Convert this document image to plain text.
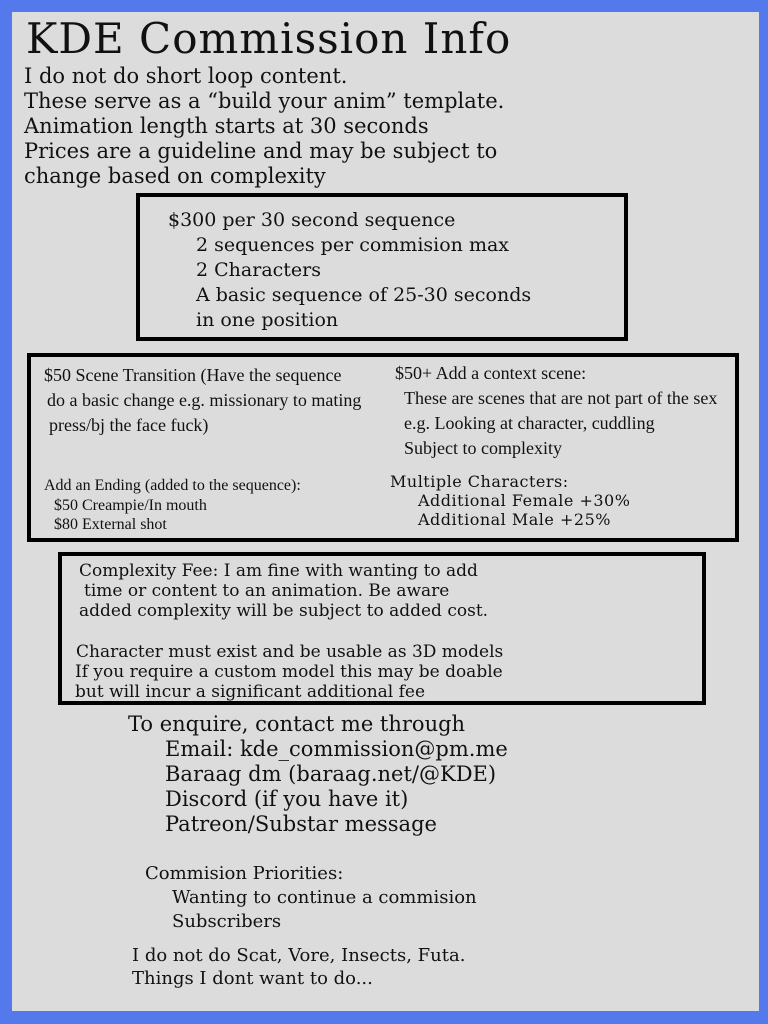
KDE Commission Info
I do not do short loop content.
These serve as a “build your anim” template.
Animation length starts at 30 seconds
Prices are a guideline and may be subject to
change based on complexity
$300 per 30 second sequence
2 sequences per commision max
2 Characters
A basic sequence of 25-30 seconds
in one position
$50 Scene Transition (Have the sequence
do a basic change e.g. missionary to mating
press/bj the face fuck)
$50+ Add a context scene:
These are scenes that are not part of the sex
e.g. Looking at character, cuddling
Subject to complexity
Add an Ending (added to the sequence):
$50 Creampie/In mouth
$80 External shot
Multiple Characters:
Additional Female +30%
Additional Male +25%
Complexity Fee: I am fine with wanting to add
time or content to an animation. Be aware
added complexity will be subject to added cost.
Character must exist and be usable as 3D models
If you require a custom model this may be doable
but will incur a significant additional fee
To enquire, contact me through
Email: kde_commission@pm.me
Baraag dm (baraag.net/@KDE)
Discord (if you have it)
Patreon/Substar message
Commision Priorities:
Wanting to continue a commision
Subscribers
I do not do Scat, Vore, Insects, Futa.
Things I dont want to do...
